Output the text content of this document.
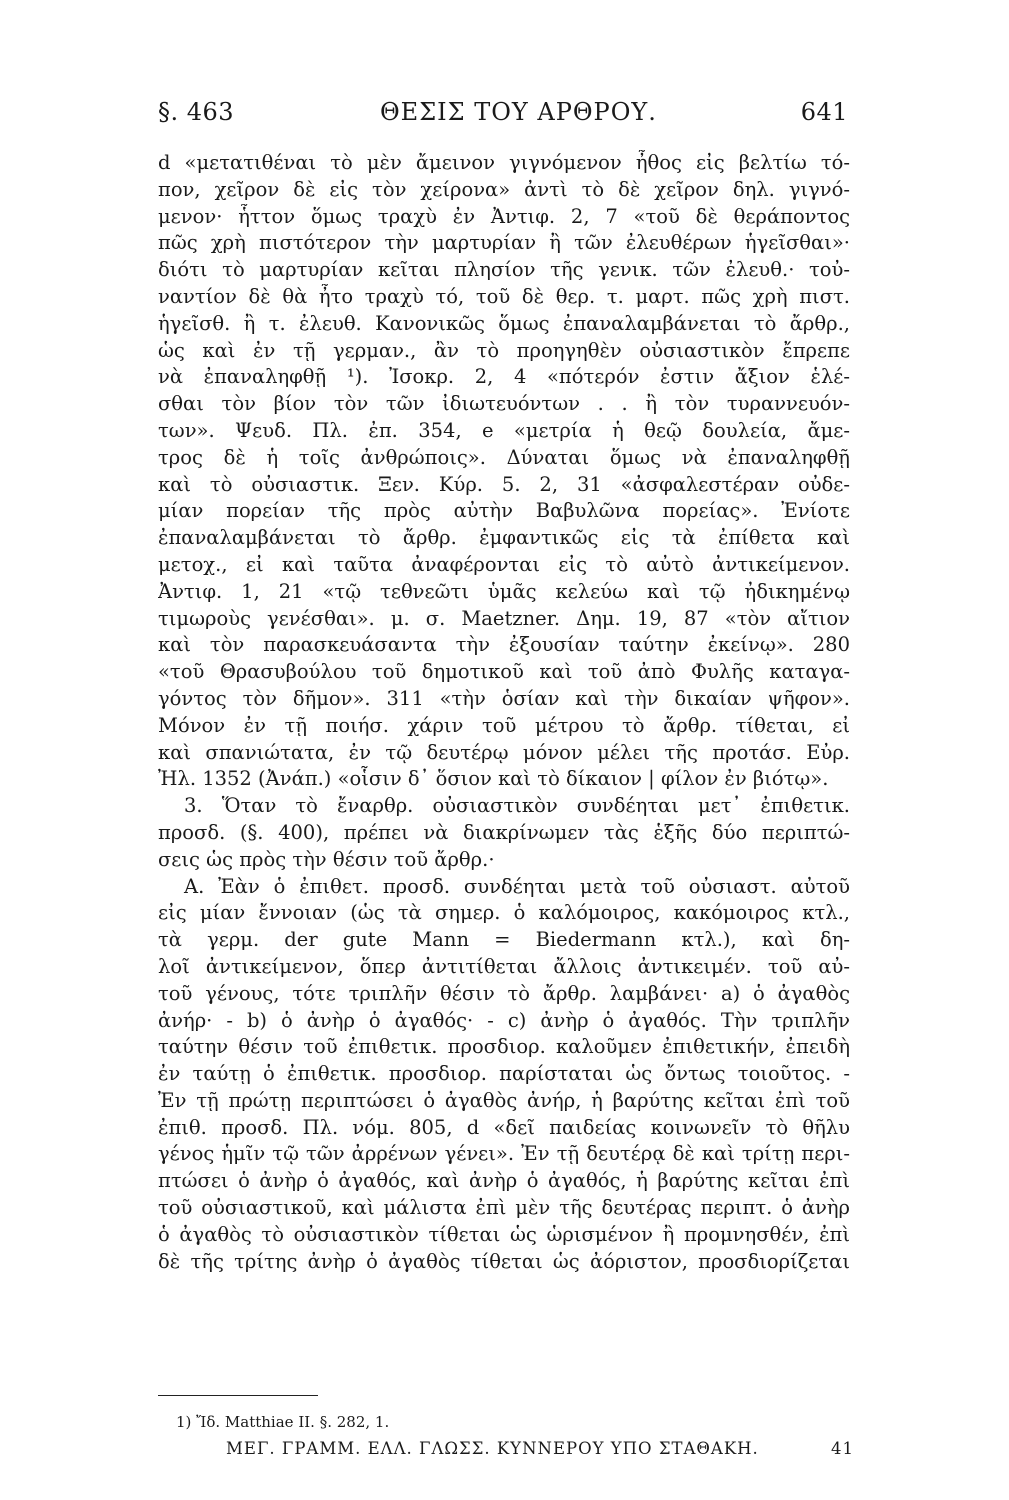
§. 463	ΘΕΣΙΣ ΤΟΥ ΑΡΘΡΟΥ.	641
d «μετατιθέναι τὸ μὲν ἄμεινον γιγνόμενον ἦθος εἰς βελτίω τό-
πον, χεῖρον δὲ εἰς τὸν χείρονα» ἀντὶ τὸ δὲ χεῖρον δηλ. γιγνό-
μενον· ἧττον ὅμως τραχὺ ἐν Ἀντιφ. 2, 7 «τοῦ δὲ θεράποντος
πῶς χρὴ πιστότερον τὴν μαρτυρίαν ἢ τῶν ἐλευθέρων ἡγεῖσθαι»·
διότι τὸ μαρτυρίαν κεῖται πλησίον τῆς γενικ. τῶν ἐλευθ.· τοὐ-
ναντίον δὲ θὰ ἦτο τραχὺ τό, τοῦ δὲ θερ. τ. μαρτ. πῶς χρὴ πιστ.
ἡγεῖσθ. ἢ τ. ἐλευθ. Κανονικῶς ὅμως ἐπαναλαμβάνεται τὸ ἄρθρ.,
ὡς καὶ ἐν τῇ γερμαν., ἂν τὸ προηγηθὲν οὐσιαστικὸν ἔπρεπε
νὰ ἐπαναληφθῇ ¹). Ἰσοκρ. 2, 4 «πότερόν ἐστιν ἄξιον ἑλέ-
σθαι τὸν βίον τὸν τῶν ἰδιωτευόντων . . ἢ τὸν τυραννευόν-
των». Ψευδ. Πλ. ἐπ. 354, e «μετρία ἡ θεῷ δουλεία, ἄμε-
τρος δὲ ἡ τοῖς ἀνθρώποις». Δύναται ὅμως νὰ ἐπαναληφθῇ
καὶ τὸ οὐσιαστικ. Ξεν. Κύρ. 5. 2, 31 «ἀσφαλεστέραν οὐδε-
μίαν πορείαν τῆς πρὸς αὐτὴν Βαβυλῶνα πορείας». Ἐνίοτε
ἐπαναλαμβάνεται τὸ ἄρθρ. ἐμφαντικῶς εἰς τὰ ἐπίθετα καὶ
μετοχ., εἰ καὶ ταῦτα ἀναφέρονται εἰς τὸ αὐτὸ ἀντικείμενον.
Ἀντιφ. 1, 21 «τῷ τεθνεῶτι ὑμᾶς κελεύω καὶ τῷ ἠδικημένῳ
τιμωροὺς γενέσθαι». μ. σ. Maetzner. Δημ. 19, 87 «τὸν αἴτιον
καὶ τὸν παρασκευάσαντα τὴν ἐξουσίαν ταύτην ἐκείνῳ». 280
«τοῦ Θρασυβούλου τοῦ δημοτικοῦ καὶ τοῦ ἀπὸ Φυλῆς καταγα-
γόντος τὸν δῆμον». 311 «τὴν ὁσίαν καὶ τὴν δικαίαν ψῆφον».
Μόνον ἐν τῇ ποιήσ. χάριν τοῦ μέτρου τὸ ἄρθρ. τίθεται, εἰ
καὶ σπανιώτατα, ἐν τῷ δευτέρῳ μόνον μέλει τῆς προτάσ. Εὐρ.
Ἠλ. 1352 (Ἀνάπ.) «οἷσιν δ᾽ ὅσιον καὶ τὸ δίκαιον | φίλον ἐν βιότῳ».
3. Ὅταν τὸ ἔναρθρ. οὐσιαστικὸν συνδέηται μετ᾽ ἐπιθετικ.
προσδ. (§. 400), πρέπει νὰ διακρίνωμεν τὰς ἑξῆς δύο περιπτώ-
σεις ὡς πρὸς τὴν θέσιν τοῦ ἄρθρ.·
Α. Ἐὰν ὁ ἐπιθετ. προσδ. συνδέηται μετὰ τοῦ οὐσιαστ. αὐτοῦ
εἰς μίαν ἔννοιαν (ὡς τὰ σημερ. ὁ καλόμοιρος, κακόμοιρος κτλ.,
τὰ γερμ. der gute Mann = Biedermann κτλ.), καὶ δη-
λοῖ ἀντικείμενον, ὅπερ ἀντιτίθεται ἄλλοις ἀντικειμέν. τοῦ αὐ-
τοῦ γένους, τότε τριπλῆν θέσιν τὸ ἄρθρ. λαμβάνει· a) ὁ ἀγαθὸς
ἀνήρ· - b) ὁ ἀνὴρ ὁ ἀγαθός· - c) ἀνὴρ ὁ ἀγαθός. Τὴν τριπλῆν
ταύτην θέσιν τοῦ ἐπιθετικ. προσδιορ. καλοῦμεν ἐπιθετικήν, ἐπειδὴ
ἐν ταύτῃ ὁ ἐπιθετικ. προσδιορ. παρίσταται ὡς ὄντως τοιοῦτος. -
Ἐν τῇ πρώτῃ περιπτώσει ὁ ἀγαθὸς ἀνήρ, ἡ βαρύτης κεῖται ἐπὶ τοῦ
ἐπιθ. προσδ. Πλ. νόμ. 805, d «δεῖ παιδείας κοινωνεῖν τὸ θῆλυ
γένος ἡμῖν τῷ τῶν ἀρρένων γένει». Ἐν τῇ δευτέρᾳ δὲ καὶ τρίτῃ περι-
πτώσει ὁ ἀνὴρ ὁ ἀγαθός, καὶ ἀνὴρ ὁ ἀγαθός, ἡ βαρύτης κεῖται ἐπὶ
τοῦ οὐσιαστικοῦ, καὶ μάλιστα ἐπὶ μὲν τῆς δευτέρας περιπτ. ὁ ἀνὴρ
ὁ ἀγαθὸς τὸ οὐσιαστικὸν τίθεται ὡς ὡρισμένον ἢ προμνησθέν, ἐπὶ
δὲ τῆς τρίτης ἀνὴρ ὁ ἀγαθὸς τίθεται ὡς ἀόριστον, προσδιορίζεται
1) Ἴδ. Matthiae II. §. 282, 1.
ΜΕΓ. ΓΡΑΜΜ. ΕΛΛ. ΓΛΩΣΣ. ΚΥΝΝΕΡΟΥ ΥΠΟ ΣΤΑΘΑΚΗ.	41
